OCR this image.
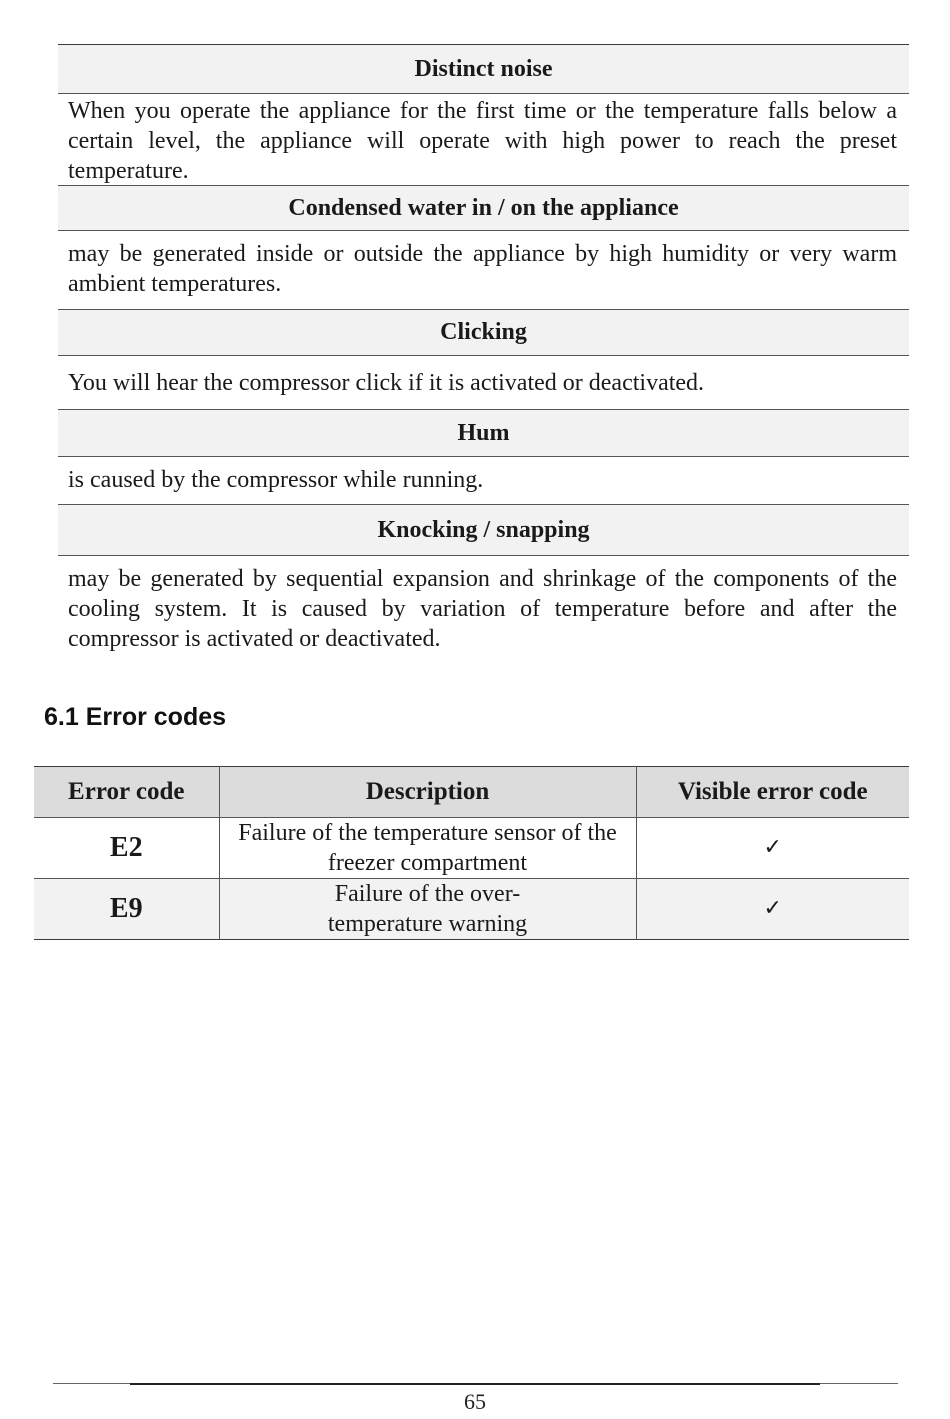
Distinct noise
When you operate the appliance for the first time or the temperature falls below a certain level, the appliance will operate with high power to reach the preset temperature.
Condensed water in / on the appliance
may be generated inside or outside the appliance by high humidity or very warm ambient temperatures.
Clicking
You will hear the compressor click if it is activated or deactivated.
Hum
is caused by the compressor while running.
Knocking / snapping
may be generated by sequential expansion and shrinkage of the components of the cooling system. It is caused by variation of temperature before and after the compressor is activated or deactivated.
6.1 Error codes
Error code	Description	Visible error code
E2	Failure of the temperature sensor of the freezer compartment	✓
E9	Failure of the over-temperature warning	✓
65
